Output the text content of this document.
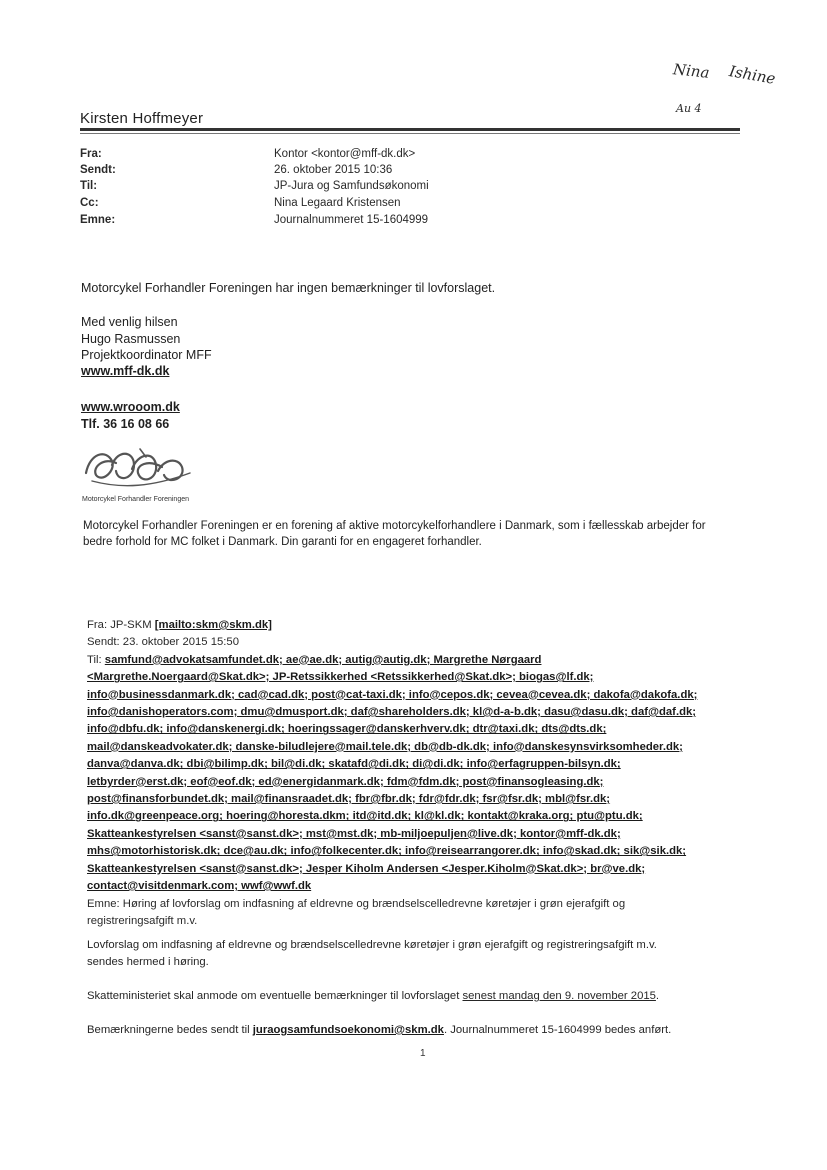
Nina Ishine
Au 4
Kirsten Hoffmeyer
Fra:	Kontor <kontor@mff-dk.dk>
Sendt:	26. oktober 2015 10:36
Til:	JP-Jura og Samfundsøkonomi
Cc:	Nina Legaard Kristensen
Emne:	Journalnummeret 15-1604999
Motorcykel Forhandler Foreningen har ingen bemærkninger til lovforslaget.
Med venlig hilsen
Hugo Rasmussen
Projektkoordinator MFF
www.mff-dk.dk
www.wrooom.dk
Tlf. 36 16 08 66
Motorcykel Forhandler Foreningen
Motorcykel Forhandler Foreningen er en forening af aktive motorcykelforhandlere i Danmark, som i fællesskab arbejder for
bedre forhold for MC folket i Danmark. Din garanti for en engageret forhandler.
Fra: JP-SKM [mailto:skm@skm.dk]
Sendt: 23. oktober 2015 15:50
Til: samfund@advokatsamfundet.dk; ae@ae.dk; autig@autig.dk; Margrethe Nørgaard
<Margrethe.Noergaard@Skat.dk>; JP-Retssikkerhed <Retssikkerhed@Skat.dk>; biogas@lf.dk;
info@businessdanmark.dk; cad@cad.dk; post@cat-taxi.dk; info@cepos.dk; cevea@cevea.dk; dakofa@dakofa.dk;
info@danishoperators.com; dmu@dmusport.dk; daf@shareholders.dk; kl@d-a-b.dk; dasu@dasu.dk; daf@daf.dk;
info@dbfu.dk; info@danskenergi.dk; hoeringssager@danskerhverv.dk; dtr@taxi.dk; dts@dts.dk;
mail@danskeadvokater.dk; danske-biludlejere@mail.tele.dk; db@db-dk.dk; info@danskesynsvirksomheder.dk;
danva@danva.dk; dbi@bilimp.dk; bil@di.dk; skatafd@di.dk; di@di.dk; info@erfagruppen-bilsyn.dk;
letbyrder@erst.dk; eof@eof.dk; ed@energidanmark.dk; fdm@fdm.dk; post@finansogleasing.dk;
post@finansforbundet.dk; mail@finansraadet.dk; fbr@fbr.dk; fdr@fdr.dk; fsr@fsr.dk; mbl@fsr.dk;
info.dk@greenpeace.org; hoering@horesta.dkm; itd@itd.dk; kl@kl.dk; kontakt@kraka.org; ptu@ptu.dk;
Skatteankestyrelsen <sanst@sanst.dk>; mst@mst.dk; mb-miljoepuljen@live.dk; kontor@mff-dk.dk;
mhs@motorhistorisk.dk; dce@au.dk; info@folkecenter.dk; info@reisearrangorer.dk; info@skad.dk; sik@sik.dk;
Skatteankestyrelsen <sanst@sanst.dk>; Jesper Kiholm Andersen <Jesper.Kiholm@Skat.dk>; br@ve.dk;
contact@visitdenmark.com; wwf@wwf.dk
Emne: Høring af lovforslag om indfasning af eldrevne og brændselscelledrevne køretøjer i grøn ejerafgift og
registreringsafgift m.v.
Lovforslag om indfasning af eldrevne og brændselscelledrevne køretøjer i grøn ejerafgift og registreringsafgift m.v.
sendes hermed i høring.
Skatteministeriet skal anmode om eventuelle bemærkninger til lovforslaget senest mandag den 9. november 2015.
Bemærkningerne bedes sendt til juraogsamfundsoekonomi@skm.dk. Journalnummeret 15-1604999 bedes anført.
1
